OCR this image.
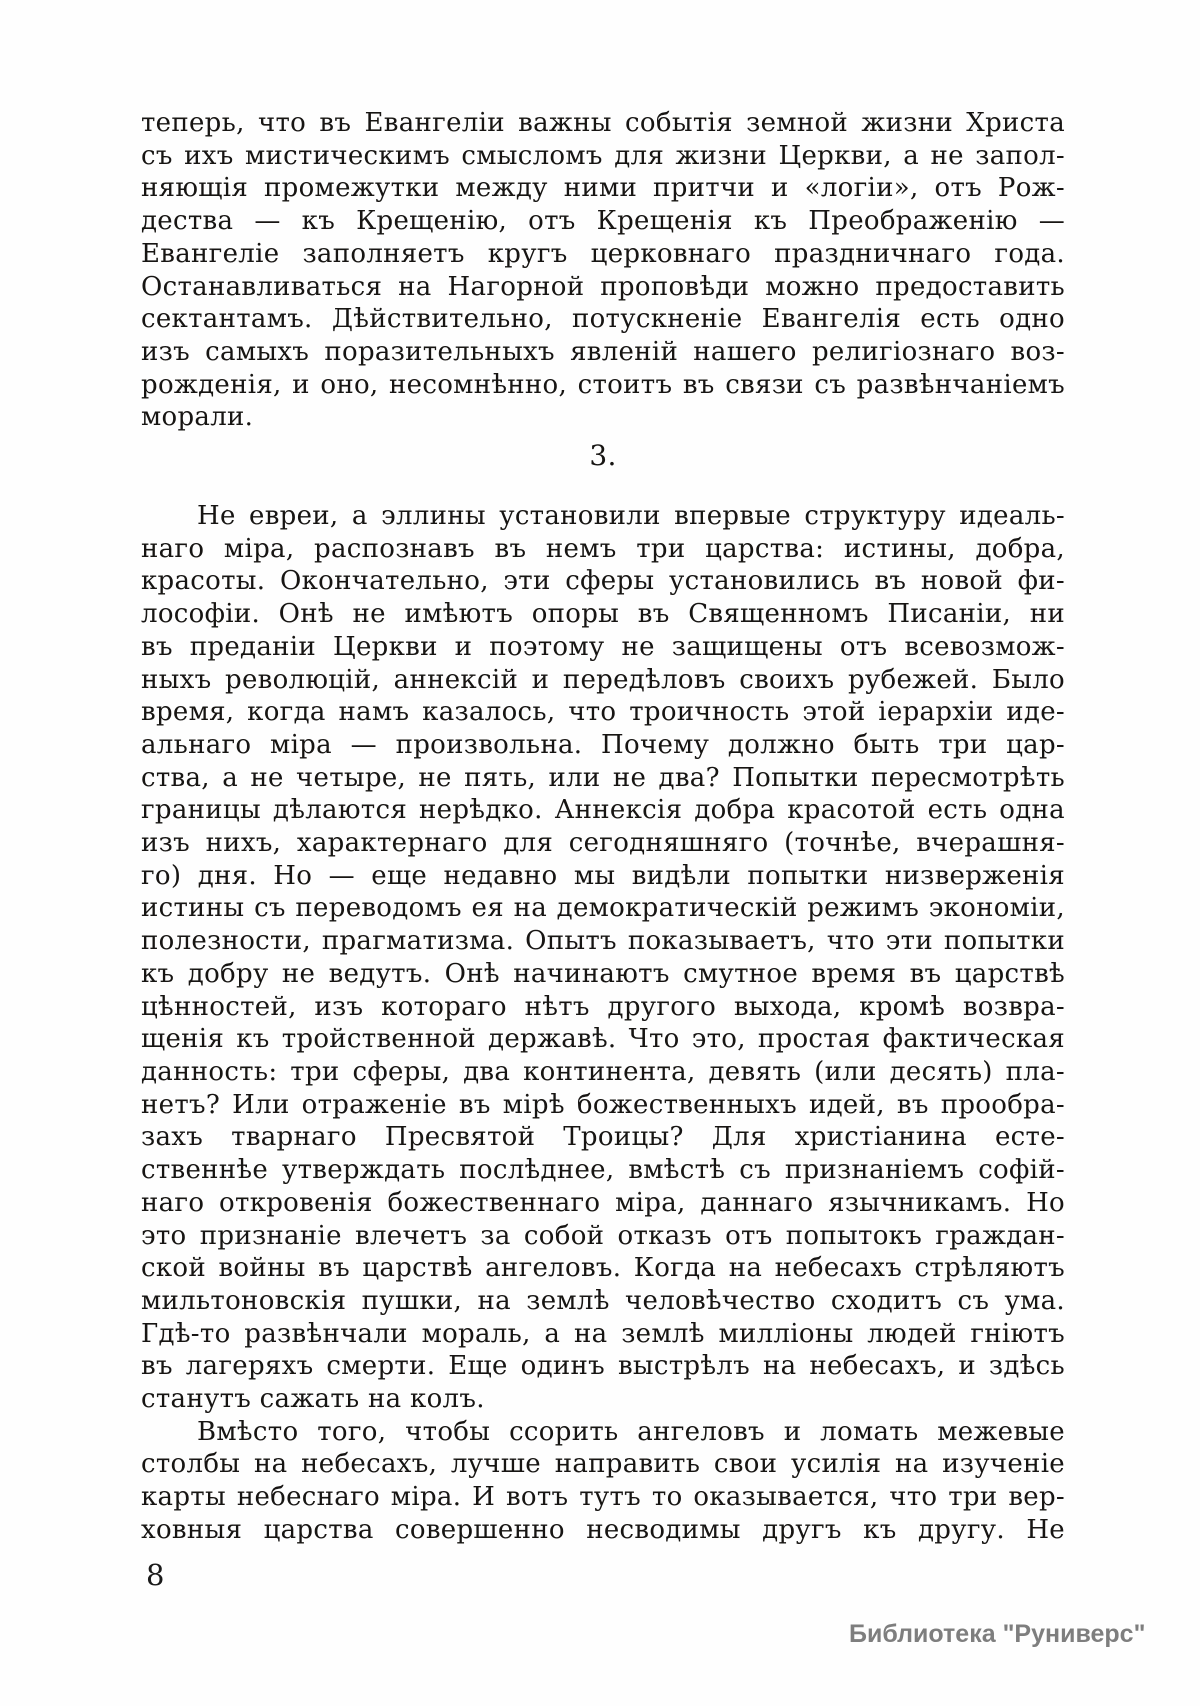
теперь, что въ Евангеліи важны событія земной жизни Христа
съ ихъ мистическимъ смысломъ для жизни Церкви, а не запол-
няющія промежутки между ними притчи и «логіи», отъ Рож-
дества — къ Крещенію, отъ Крещенія къ Преображенію —
Евангеліе заполняетъ кругъ церковнаго праздничнаго года.
Останавливаться на Нагорной проповѣди можно предоставить
сектантамъ. Дѣйствительно, потускненіе Евангелія есть одно
изъ самыхъ поразительныхъ явленій нашего религіознаго воз-
рожденія, и оно, несомнѣнно, стоитъ въ связи съ развѣнчаніемъ
морали.
3.
Не евреи, а эллины установили впервые структуру идеаль-
наго міра, распознавъ въ немъ три царства: истины, добра,
красоты. Окончательно, эти сферы установились въ новой фи-
лософіи. Онѣ не имѣютъ опоры въ Священномъ Писаніи, ни
въ преданіи Церкви и поэтому не защищены отъ всевозмож-
ныхъ революцій, аннексій и передѣловъ своихъ рубежей. Было
время, когда намъ казалось, что троичность этой іерархіи иде-
альнаго міра — произвольна. Почему должно быть три цар-
ства, а не четыре, не пять, или не два? Попытки пересмотрѣть
границы дѣлаются нерѣдко. Аннексія добра красотой есть одна
изъ нихъ, характернаго для сегодняшняго (точнѣе, вчерашня-
го) дня. Но — еще недавно мы видѣли попытки низверженія
истины съ переводомъ ея на демократическій режимъ экономіи,
полезности, прагматизма. Опытъ показываетъ, что эти попытки
къ добру не ведутъ. Онѣ начинаютъ смутное время въ царствѣ
цѣнностей, изъ котораго нѣтъ другого выхода, кромѣ возвра-
щенія къ тройственной державѣ. Что это, простая фактическая
данность: три сферы, два континента, девять (или десять) пла-
нетъ? Или отраженіе въ мірѣ божественныхъ идей, въ прообра-
захъ тварнаго Пресвятой Троицы? Для христіанина есте-
ственнѣе утверждать послѣднее, вмѣстѣ съ признаніемъ софій-
наго откровенія божественнаго міра, даннаго язычникамъ. Но
это признаніе влечетъ за собой отказъ отъ попытокъ граждан-
ской войны въ царствѣ ангеловъ. Когда на небесахъ стрѣляютъ
мильтоновскія пушки, на землѣ человѣчество сходитъ съ ума.
Гдѣ-то развѣнчали мораль, а на землѣ милліоны людей гніютъ
въ лагеряхъ смерти. Еще одинъ выстрѣлъ на небесахъ, и здѣсь
станутъ сажать на колъ.
Вмѣсто того, чтобы ссорить ангеловъ и ломать межевые
столбы на небесахъ, лучше направить свои усилія на изученіе
карты небеснаго міра. И вотъ тутъ то оказывается, что три вер-
ховныя царства совершенно несводимы другъ къ другу. Не
8
Библиотека "Руниверс"
